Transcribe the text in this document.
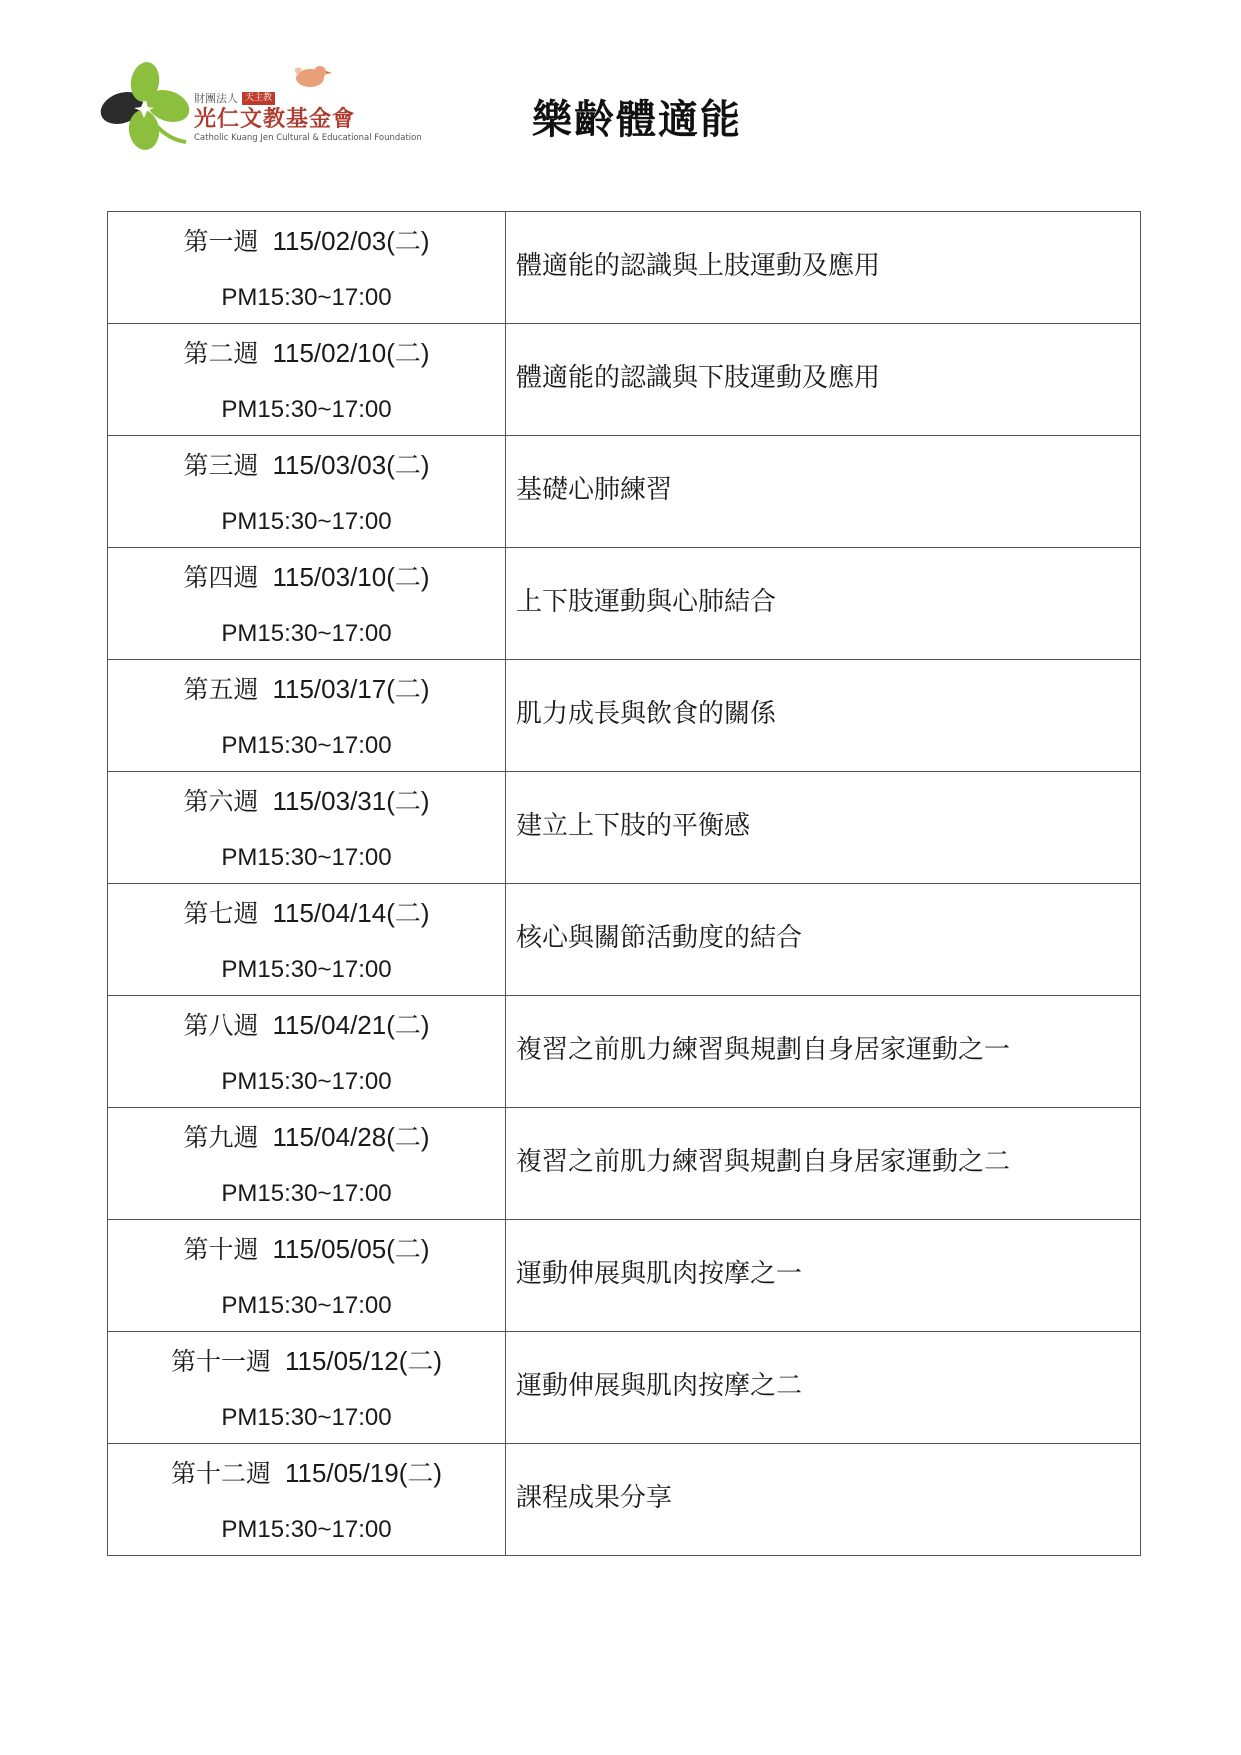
財團法人 天主教
光仁文教基金會
Catholic Kuang Jen Cultural & Educational Foundation	樂齡體適能
第一週 115/02/03(二)
PM15:30~17:00	體適能的認識與上肢運動及應用

第二週 115/02/10(二)
PM15:30~17:00	體適能的認識與下肢運動及應用

第三週 115/03/03(二)
PM15:30~17:00	基礎心肺練習

第四週 115/03/10(二)
PM15:30~17:00	上下肢運動與心肺結合

第五週 115/03/17(二)
PM15:30~17:00	肌力成長與飲食的關係

第六週 115/03/31(二)
PM15:30~17:00	建立上下肢的平衡感

第七週 115/04/14(二)
PM15:30~17:00	核心與關節活動度的結合

第八週 115/04/21(二)
PM15:30~17:00	複習之前肌力練習與規劃自身居家運動之一

第九週 115/04/28(二)
PM15:30~17:00	複習之前肌力練習與規劃自身居家運動之二

第十週 115/05/05(二)
PM15:30~17:00	運動伸展與肌肉按摩之一

第十一週 115/05/12(二)
PM15:30~17:00	運動伸展與肌肉按摩之二

第十二週 115/05/19(二)
PM15:30~17:00	課程成果分享
